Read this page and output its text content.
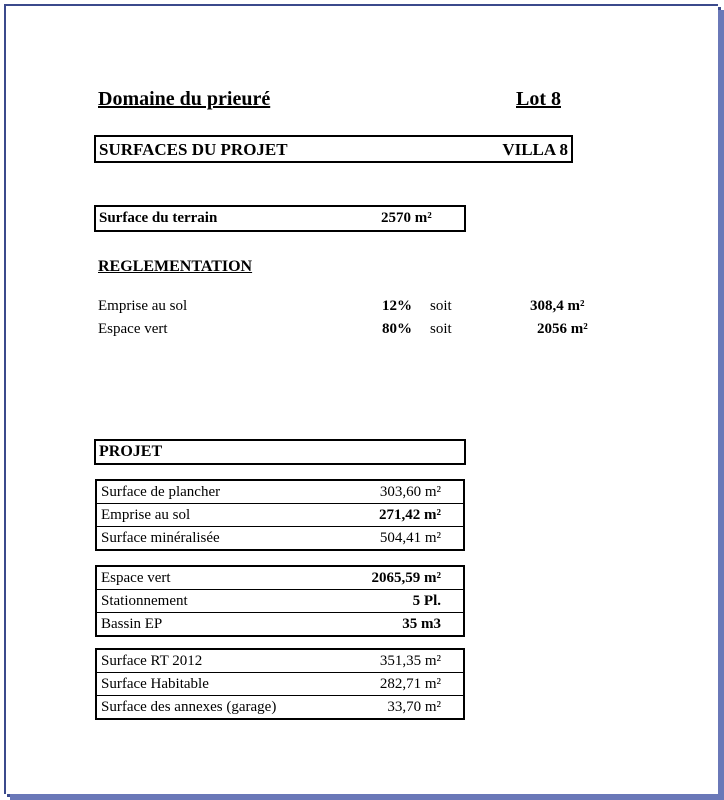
Domaine du prieuré	Lot 8
SURFACES DU PROJET	VILLA 8
Surface du terrain	2570 m²
REGLEMENTATION
Emprise au sol	12% soit	308,4 m²
Espace vert	80% soit	2056 m²
PROJET
Surface de plancher	303,60 m²
Emprise au sol	271,42 m²
Surface minéralisée	504,41 m²
Espace vert	2065,59 m²
Stationnement	5 Pl.
Bassin EP	35 m3
Surface RT 2012	351,35 m²
Surface Habitable	282,71 m²
Surface des annexes (garage)	33,70 m²
